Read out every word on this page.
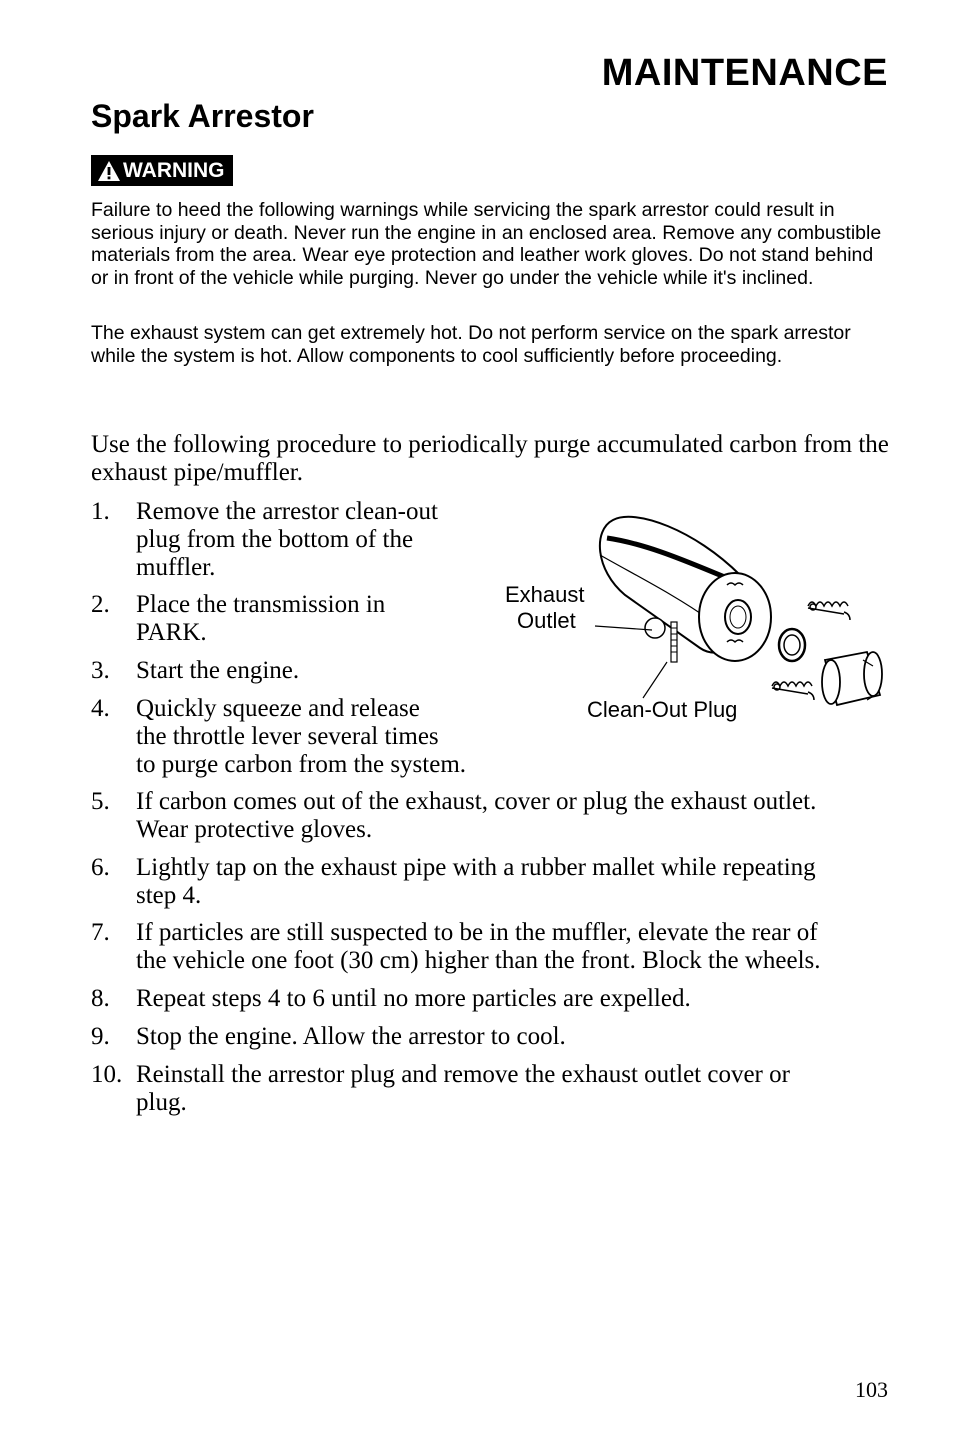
MAINTENANCE
Spark Arrestor
WARNING
Failure to heed the following warnings while servicing the spark arrestor could result in serious injury or death. Never run the engine in an enclosed area. Remove any combustible materials from the area. Wear eye protection and leather work gloves. Do not stand behind or in front of the vehicle while purging. Never go under the vehicle while it's inclined.
The exhaust system can get extremely hot. Do not perform service on the spark arrestor while the system is hot. Allow components to cool sufficiently before proceeding.
Use the following procedure to periodically purge accumulated carbon from the exhaust pipe/muffler.
1. Remove the arrestor clean-out
plug from the bottom of the
muffler.
2. Place the transmission in
PARK.
3. Start the engine.
4. Quickly squeeze and release
the throttle lever several times
to purge carbon from the system.
5. If carbon comes out of the exhaust, cover or plug the exhaust outlet.
Wear protective gloves.
6. Lightly tap on the exhaust pipe with a rubber mallet while repeating
step 4.
7. If particles are still suspected to be in the muffler, elevate the rear of
the vehicle one foot (30 cm) higher than the front. Block the wheels.
8. Repeat steps 4 to 6 until no more particles are expelled.
9. Stop the engine. Allow the arrestor to cool.
10. Reinstall the arrestor plug and remove the exhaust outlet cover or
plug.
Exhaust
Outlet
Clean-Out Plug
103
